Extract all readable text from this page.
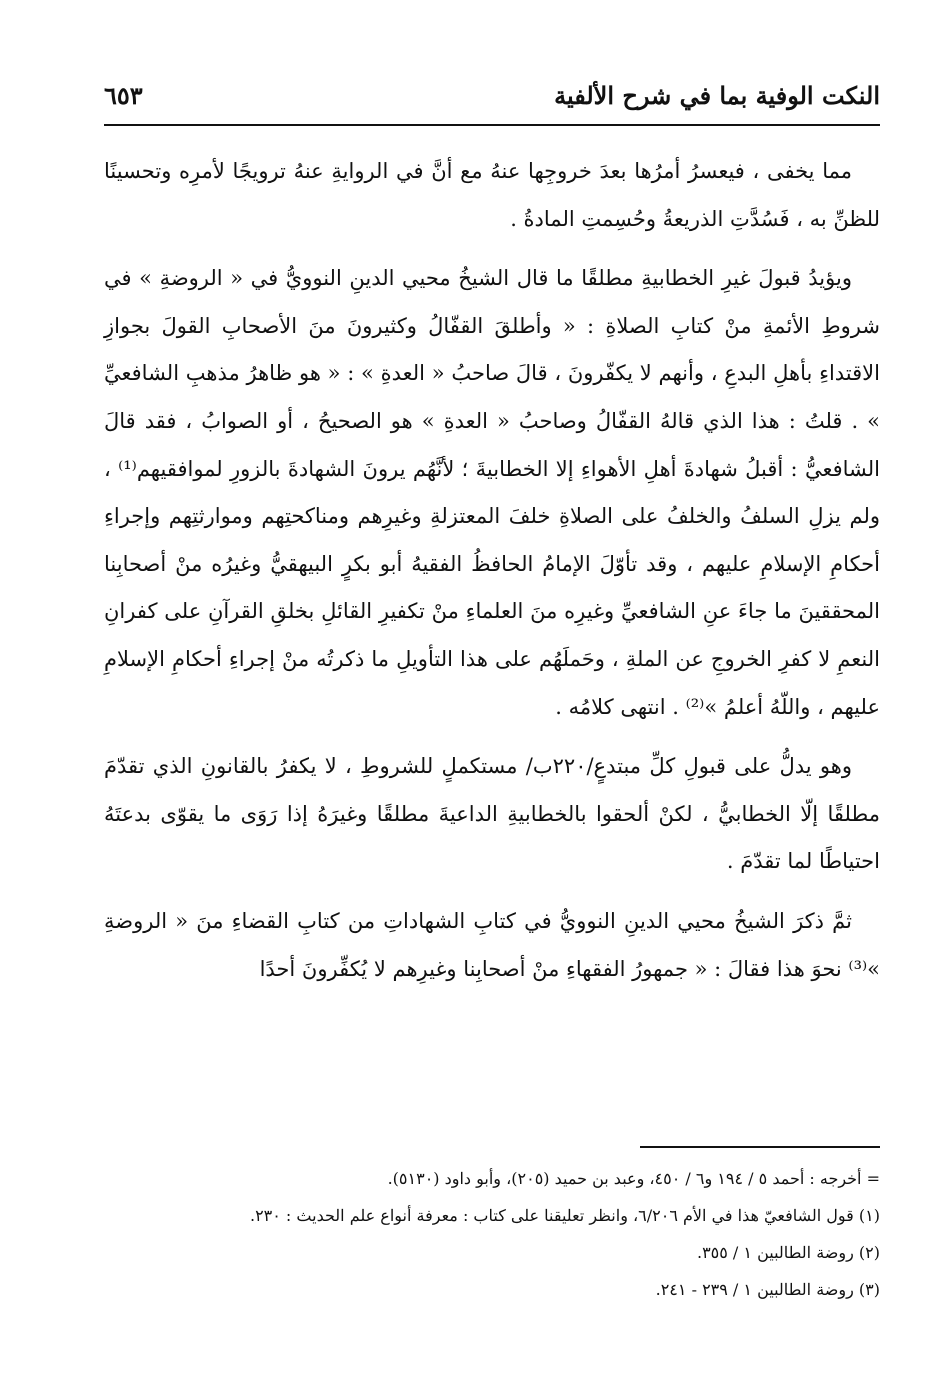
النكت الوفية بما في شرح الألفية
٦٥٣

مما يخفى ، فيعسرُ أمرُها بعدَ خروجِها عنهُ مع أنَّ في الروايةِ عنهُ ترويجًا لأمرِه وتحسينًا للظنِّ به ، فَسُدَّتِ الذريعةُ وحُسِمتِ المادةُ .

ويؤيدُ قبولَ غيرِ الخطابيةِ مطلقًا ما قال الشيخُ محيي الدينِ النوويُّ في « الروضةِ » في شروطِ الأئمةِ منْ كتابِ الصلاةِ : « وأطلقَ القفّالُ وكثيرونَ منَ الأصحابِ القولَ بجوازِ الاقتداءِ بأهلِ البدعِ ، وأنهم لا يكفّرونَ ، قالَ صاحبُ « العدةِ » : « هو ظاهرُ مذهبِ الشافعيِّ » . قلتُ : هذا الذي قالهُ القفّالُ وصاحبُ « العدةِ » هو الصحيحُ ، أو الصوابُ ، فقد قالَ الشافعيُّ : أقبلُ شهادةَ أهلِ الأهواءِ إلا الخطابيةَ ؛ لأنَّهُم يرونَ الشهادةَ بالزورِ لموافقيهم⁽¹⁾ ، ولم يزلِ السلفُ والخلفُ على الصلاةِ خلفَ المعتزلةِ وغيرِهم ومناكحتِهم وموارثتِهم وإجراءِ أحكامِ الإسلامِ عليهم ، وقد تأوّلَ الإمامُ الحافظُ الفقيهُ أبو بكرٍ البيهقيُّ وغيرُه منْ أصحابِنا المحققينَ ما جاءَ عنِ الشافعيِّ وغيرِه منَ العلماءِ منْ تكفيرِ القائلِ بخلقِ القرآنِ على كفرانِ النعمِ لا كفرِ الخروجِ عن الملةِ ، وحَملَهُم على هذا التأويلِ ما ذكرتُه منْ إجراءِ أحكامِ الإسلامِ عليهم ، واللّهُ أعلمُ »⁽²⁾ . انتهى كلامُه .

وهو يدلُّ على قبولِ كلِّ مبتدعٍ/٢٢٠ب/ مستكملٍ للشروطِ ، لا يكفرُ بالقانونِ الذي تقدّمَ مطلقًا إلّا الخطابيُّ ، لكنْ ألحقوا بالخطابيةِ الداعيةَ مطلقًا وغيرَهُ إذا رَوَى ما يقوّى بدعتَهُ احتياطًا لما تقدّمَ .

ثمَّ ذكرَ الشيخُ محيي الدينِ النوويُّ في كتابِ الشهاداتِ من كتابِ القضاءِ منَ « الروضةِ »⁽³⁾ نحوَ هذا فقالَ : « جمهورُ الفقهاءِ منْ أصحابِنا وغيرِهم لا يُكفِّرونَ أحدًا

= أخرجه : أحمد ٥ / ١٩٤ و٦ / ٤٥٠، وعبد بن حميد (٢٠٥)، وأبو داود (٥١٣٠).

(١) قول الشافعيّ هذا في الأم ٦/٢٠٦، وانظر تعليقنا على كتاب : معرفة أنواع علم الحديث : ٢٣٠.

(٢) روضة الطالبين ١ / ٣٥٥.

(٣) روضة الطالبين ١ / ٢٣٩ - ٢٤١.
